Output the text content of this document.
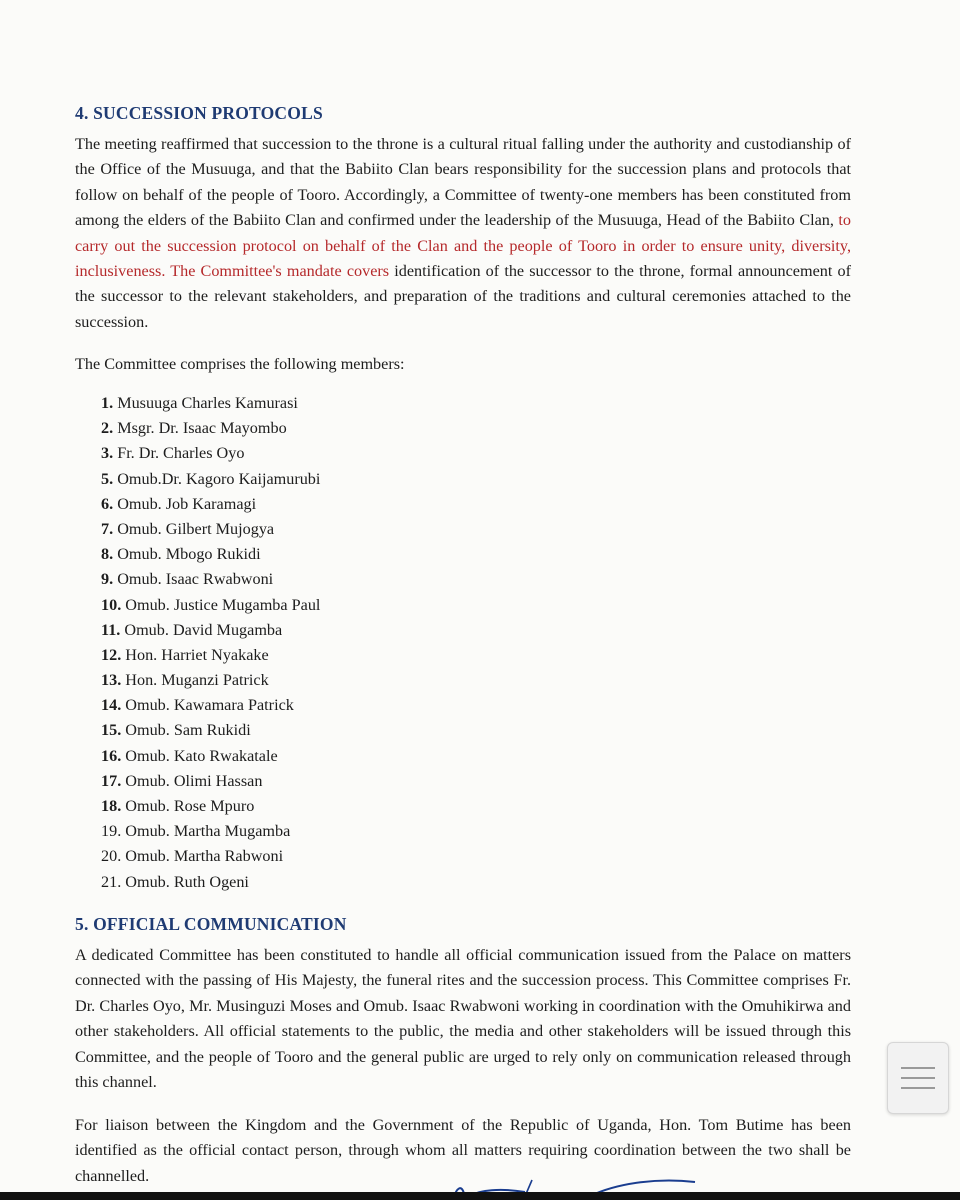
4. SUCCESSION PROTOCOLS

The meeting reaffirmed that succession to the throne is a cultural ritual falling under the authority and custodianship of the Office of the Musuuga, and that the Babiito Clan bears responsibility for the succession plans and protocols that follow on behalf of the people of Tooro. Accordingly, a Committee of twenty-one members has been constituted from among the elders of the Babiito Clan and confirmed under the leadership of the Musuuga, Head of the Babiito Clan, to carry out the succession protocol on behalf of the Clan and the people of Tooro in order to ensure unity, diversity, inclusiveness. The Committee's mandate covers identification of the successor to the throne, formal announcement of the successor to the relevant stakeholders, and preparation of the traditions and cultural ceremonies attached to the succession.

The Committee comprises the following members:
1. Musuuga Charles Kamurasi
2. Msgr. Dr. Isaac Mayombo
3. Fr. Dr. Charles Oyo
5. Omub.Dr. Kagoro Kaijamurubi
6. Omub. Job Karamagi
7. Omub. Gilbert Mujogya
8. Omub. Mbogo Rukidi
9. Omub. Isaac Rwabwoni
10. Omub. Justice Mugamba Paul
11. Omub. David Mugamba
12. Hon. Harriet Nyakake
13. Hon. Muganzi Patrick
14. Omub. Kawamara Patrick
15. Omub. Sam Rukidi
16. Omub. Kato Rwakatale
17. Omub. Olimi Hassan
18. Omub. Rose Mpuro
19. Omub. Martha Mugamba
20. Omub. Martha Rabwoni
21. Omub. Ruth Ogeni
5. OFFICIAL COMMUNICATION

A dedicated Committee has been constituted to handle all official communication issued from the Palace on matters connected with the passing of His Majesty, the funeral rites and the succession process. This Committee comprises Fr. Dr. Charles Oyo, Mr. Musinguzi Moses and Omub. Isaac Rwabwoni working in coordination with the Omuhikirwa and other stakeholders. All official statements to the public, the media and other stakeholders will be issued through this Committee, and the people of Tooro and the general public are urged to rely only on communication released through this channel.

For liaison between the Kingdom and the Government of the Republic of Uganda, Hon. Tom Butime has been identified as the official contact person, through whom all matters requiring coordination between the two shall be channelled.
